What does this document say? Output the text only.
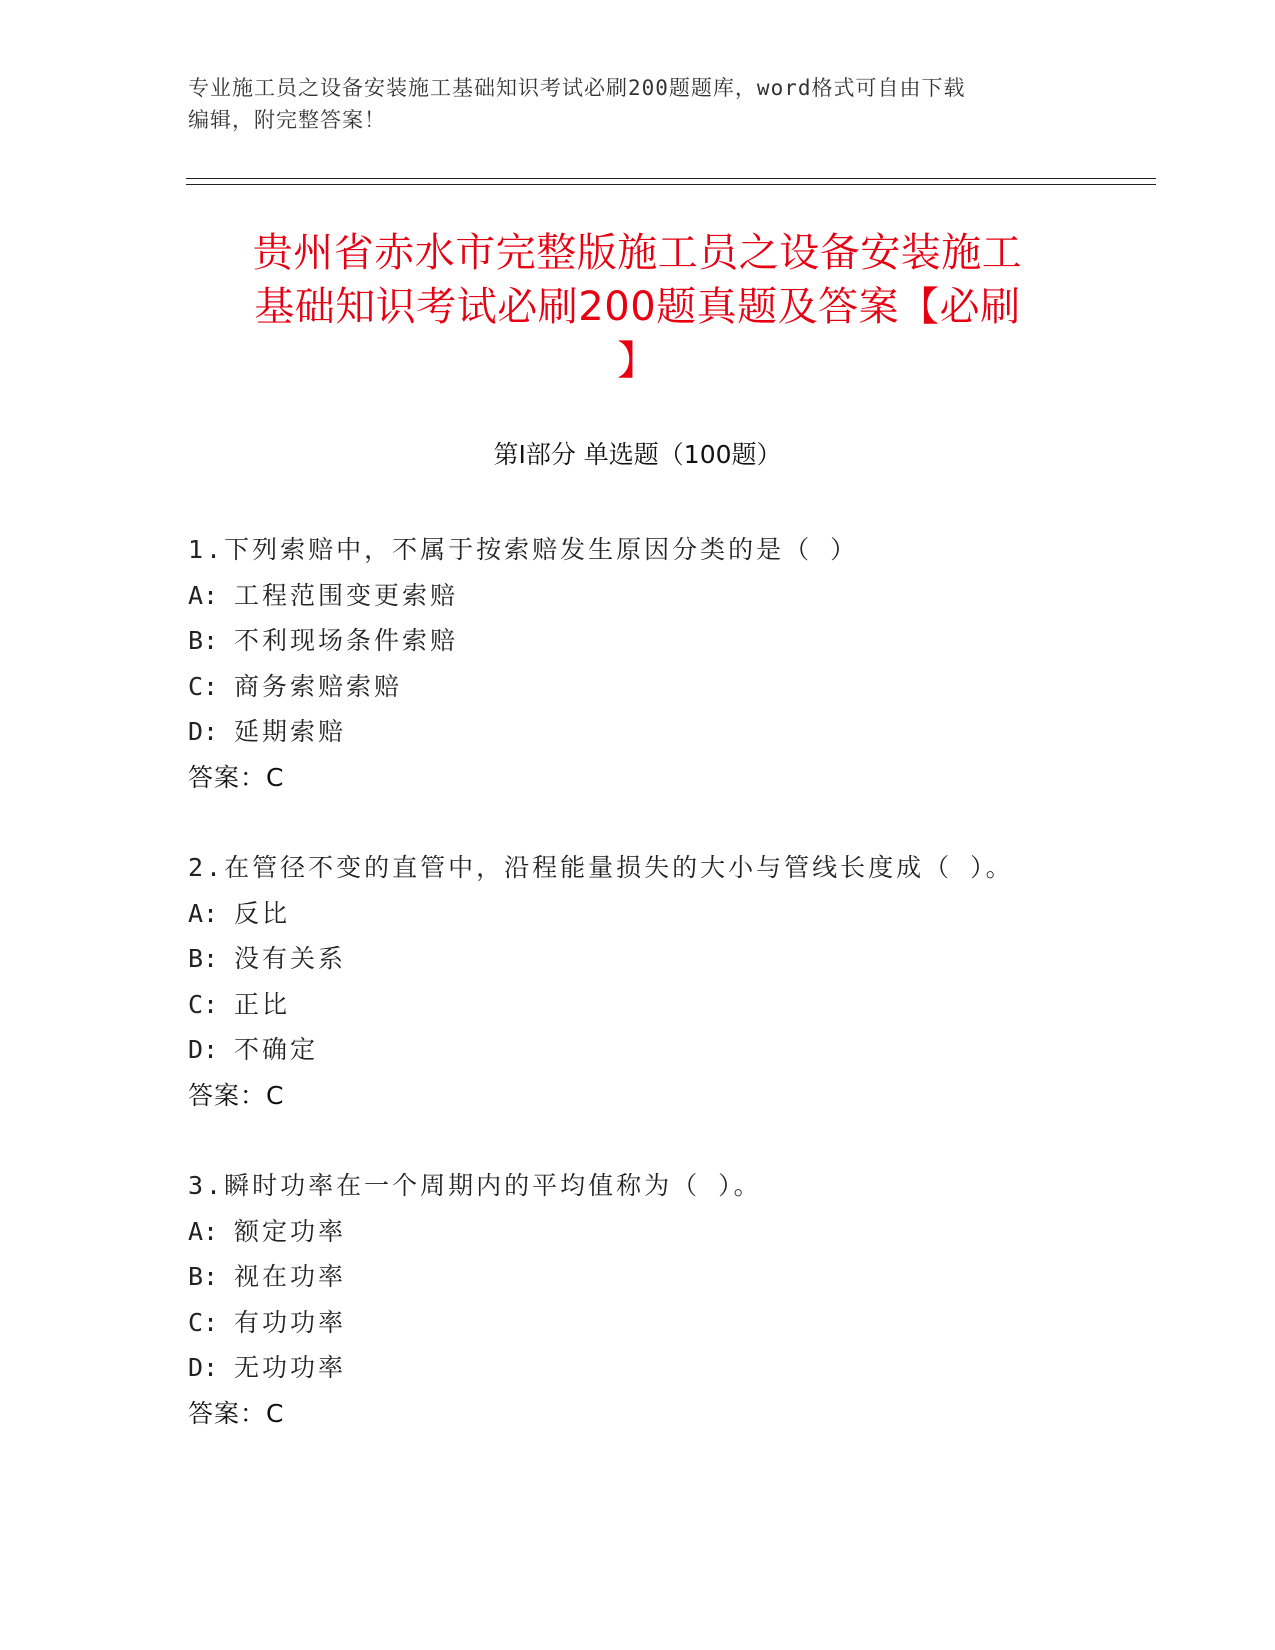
专业施工员之设备安装施工基础知识考试必刷200题题库，word格式可自由下载
编辑，附完整答案！
贵州省赤水市完整版施工员之设备安装施工
基础知识考试必刷200题真题及答案【必刷
】
第Ⅰ部分 单选题（100题）
1.下列索赔中，不属于按索赔发生原因分类的是（ ）
A: 工程范围变更索赔
B: 不利现场条件索赔
C: 商务索赔索赔
D: 延期索赔
答案：C
2.在管径不变的直管中，沿程能量损失的大小与管线长度成（ ）。
A: 反比
B: 没有关系
C: 正比
D: 不确定
答案：C
3.瞬时功率在一个周期内的平均值称为（ ）。
A: 额定功率
B: 视在功率
C: 有功功率
D: 无功功率
答案：C
